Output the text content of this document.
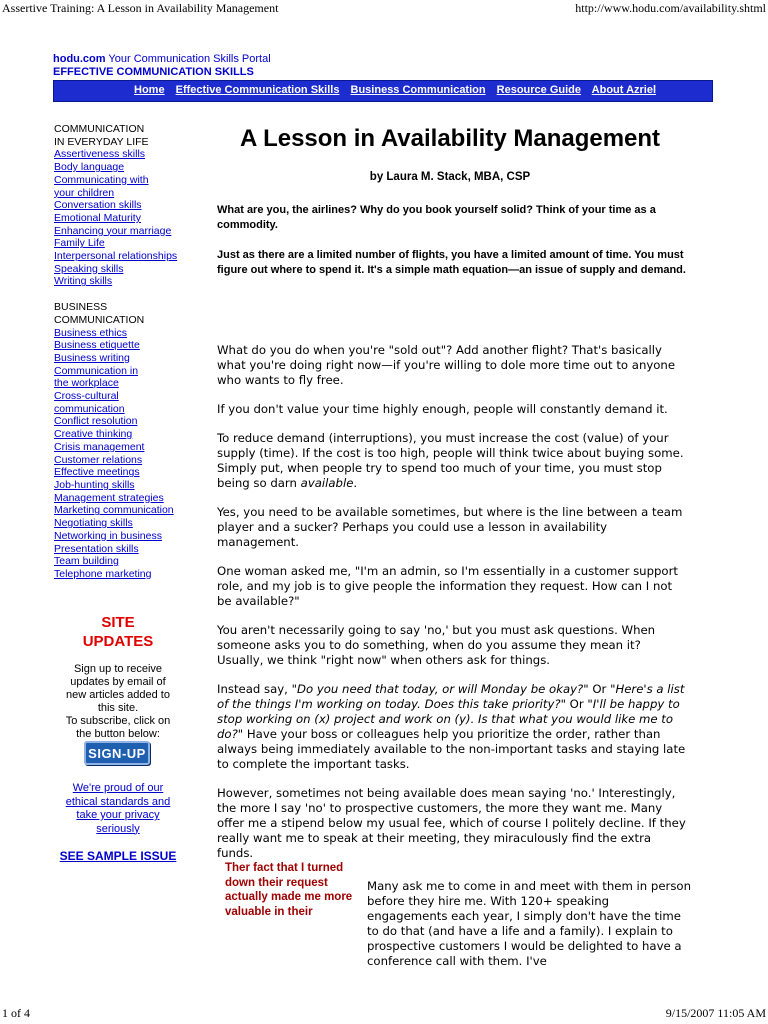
Assertive Training: A Lesson in Availability Management	http://www.hodu.com/availability.shtml
1 of 4	9/15/2007 11:05 AM
hodu.com Your Communication Skills Portal
EFFECTIVE COMMUNICATION SKILLS
Home Effective Communication Skills Business Communication Resource Guide About Azriel
COMMUNICATION
IN EVERYDAY LIFE
Assertiveness skills
Body language
Communicating with
your children
Conversation skills
Emotional Maturity
Enhancing your marriage
Family Life
Interpersonal relationships
Speaking skills
Writing skills
BUSINESS
COMMUNICATION
Business ethics
Business etiquette
Business writing
Communication in
the workplace
Cross-cultural
communication
Conflict resolution
Creative thinking
Crisis management
Customer relations
Effective meetings
Job-hunting skills
Management strategies
Marketing communication
Negotiating skills
Networking in business
Presentation skills
Team building
Telephone marketing
SITE
UPDATES
Sign up to receive
updates by email of
new articles added to
this site.
To subscribe, click on
the button below:
SIGN-UP
We're proud of our
ethical standards and
take your privacy
seriously
SEE SAMPLE ISSUE
A Lesson in Availability Management
by Laura M. Stack, MBA, CSP
What are you, the airlines? Why do you book yourself solid? Think of your time as a commodity.
Just as there are a limited number of flights, you have a limited amount of time. You must figure out where to spend it. It's a simple math equation—an issue of supply and demand.

What do you do when you're "sold out"? Add another flight? That's basically what you're doing right now—if you're willing to dole more time out to anyone who wants to fly free.

If you don't value your time highly enough, people will constantly demand it.

To reduce demand (interruptions), you must increase the cost (value) of your supply (time). If the cost is too high, people will think twice about buying some. Simply put, when people try to spend too much of your time, you must stop being so darn available.

Yes, you need to be available sometimes, but where is the line between a team player and a sucker? Perhaps you could use a lesson in availability management.

One woman asked me, "I'm an admin, so I'm essentially in a customer support role, and my job is to give people the information they request. How can I not be available?"

You aren't necessarily going to say 'no,' but you must ask questions. When someone asks you to do something, when do you assume they mean it? Usually, we think "right now" when others ask for things.

Instead say, "Do you need that today, or will Monday be okay?" Or "Here's a list of the things I'm working on today. Does this take priority?" Or "I'll be happy to stop working on (x) project and work on (y). Is that what you would like me to do?" Have your boss or colleagues help you prioritize the order, rather than always being immediately available to the non-important tasks and staying late to complete the important tasks.

However, sometimes not being available does mean saying 'no.' Interestingly, the more I say 'no' to prospective customers, the more they want me. Many offer me a stipend below my usual fee, which of course I politely decline. If they really want me to speak at their meeting, they miraculously find the extra funds.

Ther fact that I turned down their request actually made me more valuable in their
Many ask me to come in and meet with them in person before they hire me. With 120+ speaking engagements each year, I simply don't have the time to do that (and have a life and a family). I explain to prospective customers I would be delighted to have a conference call with them. I've
